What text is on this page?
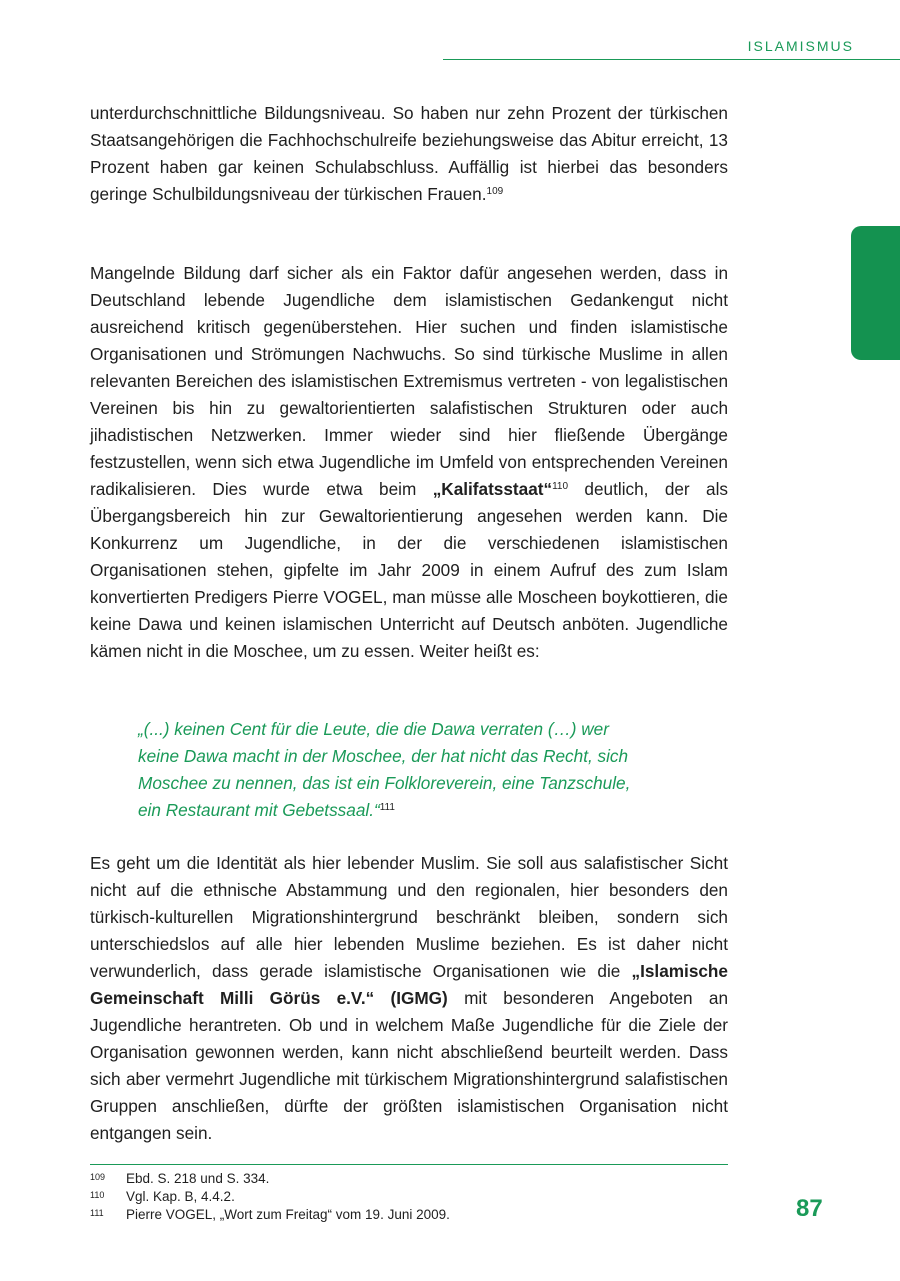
ISLAMISMUS

unterdurchschnittliche Bildungsniveau. So haben nur zehn Prozent der türkischen Staatsangehörigen die Fachhochschulreife beziehungsweise das Abitur erreicht, 13 Prozent haben gar keinen Schulabschluss. Auffällig ist hierbei das besonders geringe Schulbildungsniveau der türkischen Frauen.$^{109}$

Mangelnde Bildung darf sicher als ein Faktor dafür angesehen werden, dass in Deutschland lebende Jugendliche dem islamistischen Gedankengut nicht ausreichend kritisch gegenüberstehen. Hier suchen und finden islamistische Organisationen und Strömungen Nachwuchs. So sind türkische Muslime in allen relevanten Bereichen des islamistischen Extremismus vertreten - von legalistischen Vereinen bis hin zu gewaltorientierten salafistischen Strukturen oder auch jihadistischen Netzwerken. Immer wieder sind hier fließende Übergänge festzustellen, wenn sich etwa Jugendliche im Umfeld von entsprechenden Vereinen radikalisieren. Dies wurde etwa beim „Kalifatsstaat“$^{110}$ deutlich, der als Übergangsbereich hin zur Gewaltorientierung angesehen werden kann. Die Konkurrenz um Jugendliche, in der die verschiedenen islamistischen Organisationen stehen, gipfelte im Jahr 2009 in einem Aufruf des zum Islam konvertierten Predigers Pierre VOGEL, man müsse alle Moscheen boykottieren, die keine Dawa und keinen islamischen Unterricht auf Deutsch anböten. Jugendliche kämen nicht in die Moschee, um zu essen. Weiter heißt es:

„(...) keinen Cent für die Leute, die die Dawa verraten (…) wer
keine Dawa macht in der Moschee, der hat nicht das Recht, sich
Moschee zu nennen, das ist ein Folkloreverein, eine Tanzschule,
ein Restaurant mit Gebetssaal.“$^{111}$

Es geht um die Identität als hier lebender Muslim. Sie soll aus salafistischer Sicht nicht auf die ethnische Abstammung und den regionalen, hier besonders den türkisch-kulturellen Migrationshintergrund beschränkt bleiben, sondern sich unterschiedslos auf alle hier lebenden Muslime beziehen. Es ist daher nicht verwunderlich, dass gerade islamistische Organisationen wie die „Islamische Gemeinschaft Milli Görüs e.V.“ (IGMG) mit besonderen Angeboten an Jugendliche herantreten. Ob und in welchem Maße Jugendliche für die Ziele der Organisation gewonnen werden, kann nicht abschließend beurteilt werden. Dass sich aber vermehrt Jugendliche mit türkischem Migrationshintergrund salafistischen Gruppen anschließen, dürfte der größten islamistischen Organisation nicht entgangen sein.

109 Ebd. S. 218 und S. 334.
110 Vgl. Kap. B, 4.4.2.
111 Pierre VOGEL, „Wort zum Freitag“ vom 19. Juni 2009.	87
